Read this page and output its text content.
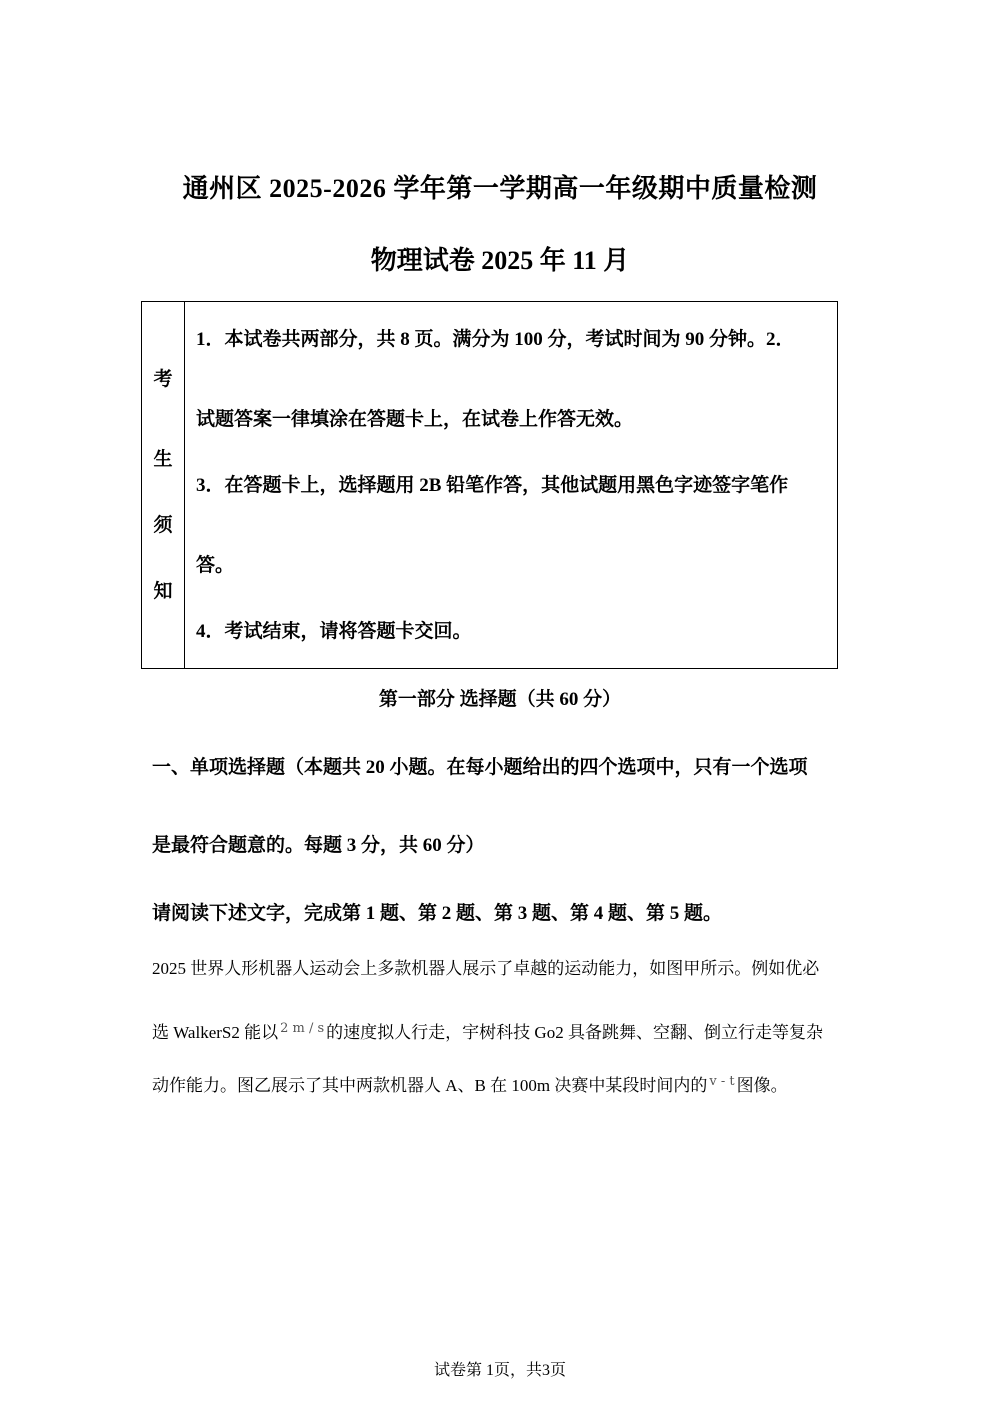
通州区 2025-2026 学年第一学期高一年级期中质量检测
物理试卷 2025 年 11 月
考
生
须
知
1．本试卷共两部分，共 8 页。满分为 100 分，考试时间为 90 分钟。2．
试题答案一律填涂在答题卡上，在试卷上作答无效。
3．在答题卡上，选择题用 2B 铅笔作答，其他试题用黑色字迹签字笔作
答。
4．考试结束，请将答题卡交回。
第一部分 选择题（共 60 分）
一、单项选择题（本题共 20 小题。在每小题给出的四个选项中，只有一个选项
是最符合题意的。每题 3 分，共 60 分）
请阅读下述文字，完成第 1 题、第 2 题、第 3 题、第 4 题、第 5 题。
2025 世界人形机器人运动会上多款机器人展示了卓越的运动能力，如图甲所示。例如优必
选 WalkerS2 能以 $^{2 m / s}$ 的速度拟人行走，宇树科技 Go2 具备跳舞、空翻、倒立行走等复杂
动作能力。图乙展示了其中两款机器人 A、B 在 100m 决赛中某段时间内的 $^{v - t}$ 图像。
试卷第 1页，共3页
